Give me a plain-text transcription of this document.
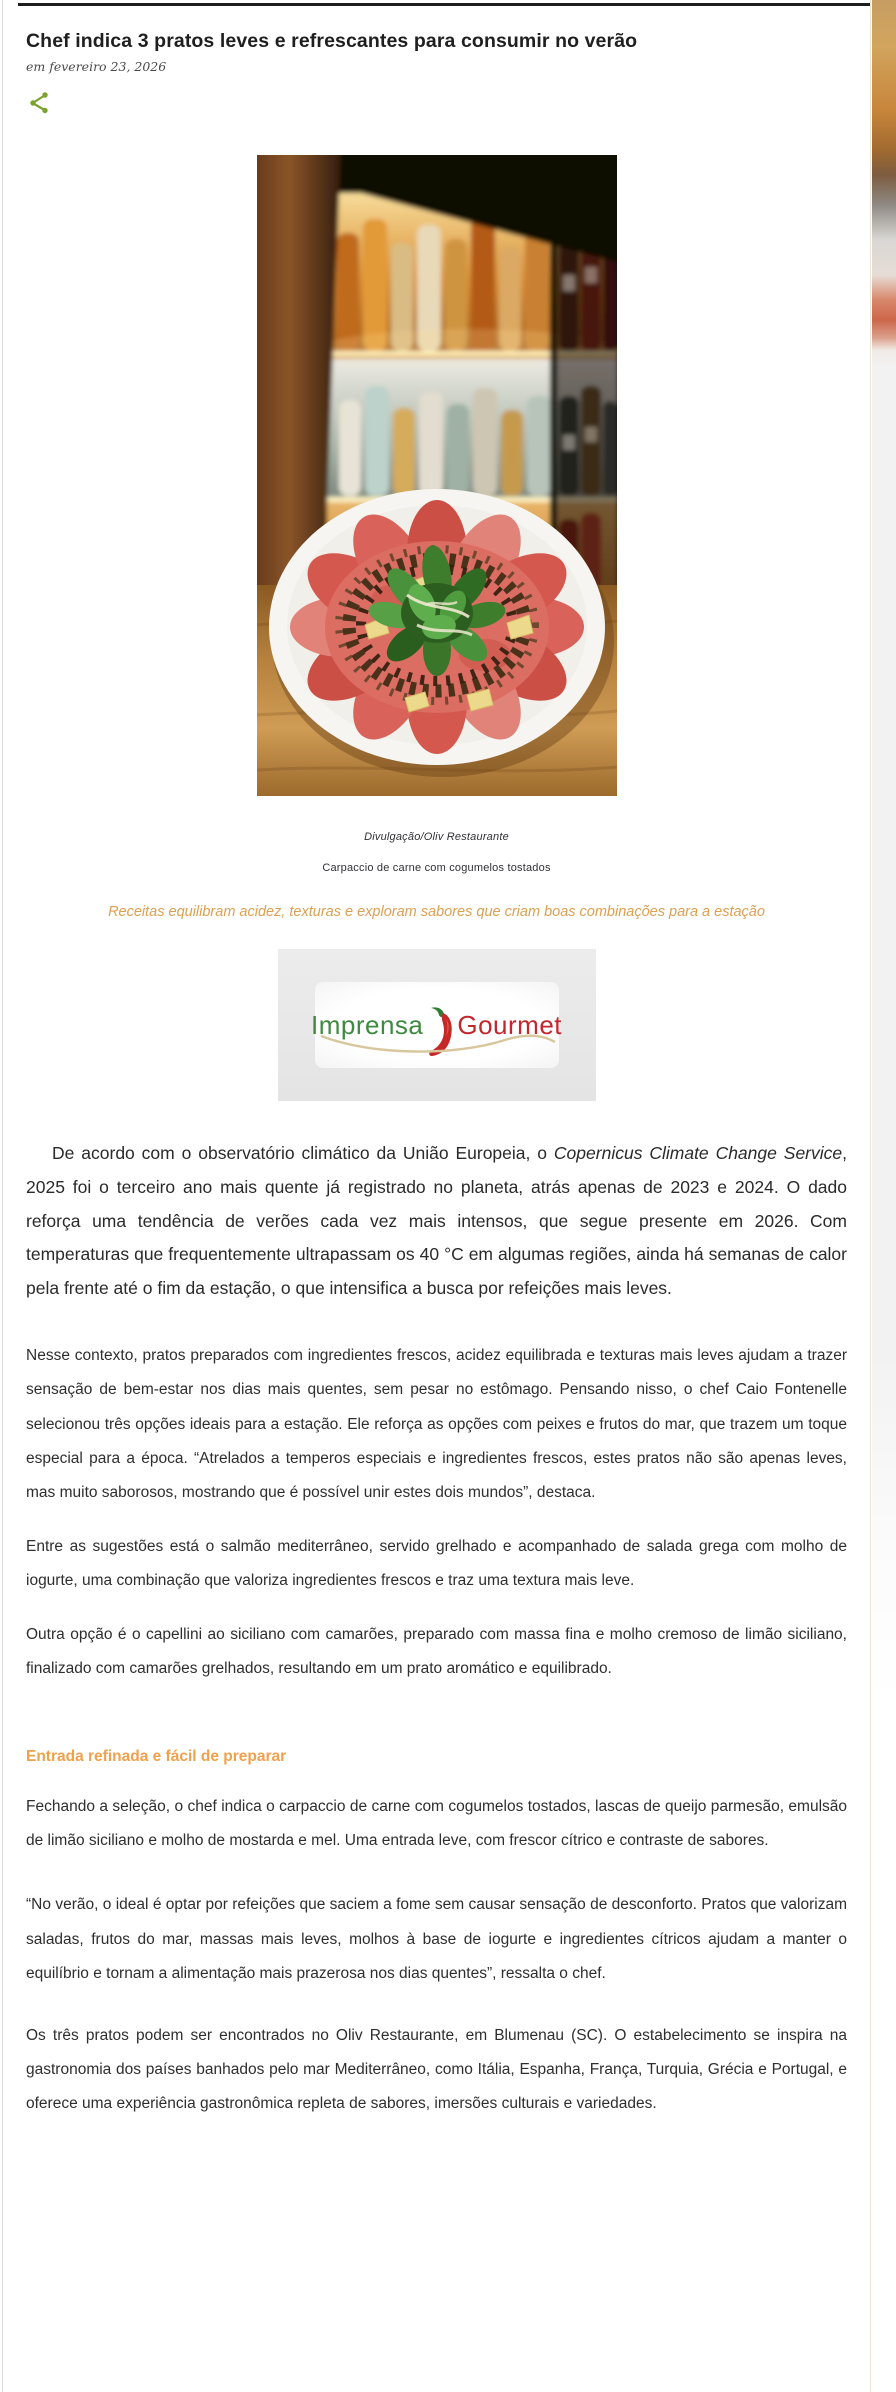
Chef indica 3 pratos leves e refrescantes para consumir no verão
em fevereiro 23, 2026
Divulgação/Oliv Restaurante
Carpaccio de carne com cogumelos tostados
Receitas equilibram acidez, texturas e exploram sabores que criam boas combinações para a estação
Imprensa Gourmet

De acordo com o observatório climático da União Europeia, o Copernicus Climate Change Service, 2025 foi o terceiro ano mais quente já registrado no planeta, atrás apenas de 2023 e 2024. O dado reforça uma tendência de verões cada vez mais intensos, que segue presente em 2026. Com temperaturas que frequentemente ultrapassam os 40 °C em algumas regiões, ainda há semanas de calor pela frente até o fim da estação, o que intensifica a busca por refeições mais leves.

Nesse contexto, pratos preparados com ingredientes frescos, acidez equilibrada e texturas mais leves ajudam a trazer sensação de bem-estar nos dias mais quentes, sem pesar no estômago. Pensando nisso, o chef Caio Fontenelle selecionou três opções ideais para a estação. Ele reforça as opções com peixes e frutos do mar, que trazem um toque especial para a época. “Atrelados a temperos especiais e ingredientes frescos, estes pratos não são apenas leves, mas muito saborosos, mostrando que é possível unir estes dois mundos”, destaca.

Entre as sugestões está o salmão mediterrâneo, servido grelhado e acompanhado de salada grega com molho de iogurte, uma combinação que valoriza ingredientes frescos e traz uma textura mais leve.

Outra opção é o capellini ao siciliano com camarões, preparado com massa fina e molho cremoso de limão siciliano, finalizado com camarões grelhados, resultando em um prato aromático e equilibrado.

Entrada refinada e fácil de preparar

Fechando a seleção, o chef indica o carpaccio de carne com cogumelos tostados, lascas de queijo parmesão, emulsão de limão siciliano e molho de mostarda e mel. Uma entrada leve, com frescor cítrico e contraste de sabores.

“No verão, o ideal é optar por refeições que saciem a fome sem causar sensação de desconforto. Pratos que valorizam saladas, frutos do mar, massas mais leves, molhos à base de iogurte e ingredientes cítricos ajudam a manter o equilíbrio e tornam a alimentação mais prazerosa nos dias quentes”, ressalta o chef.

Os três pratos podem ser encontrados no Oliv Restaurante, em Blumenau (SC). O estabelecimento se inspira na gastronomia dos países banhados pelo mar Mediterrâneo, como Itália, Espanha, França, Turquia, Grécia e Portugal, e oferece uma experiência gastronômica repleta de sabores, imersões culturais e variedades.
